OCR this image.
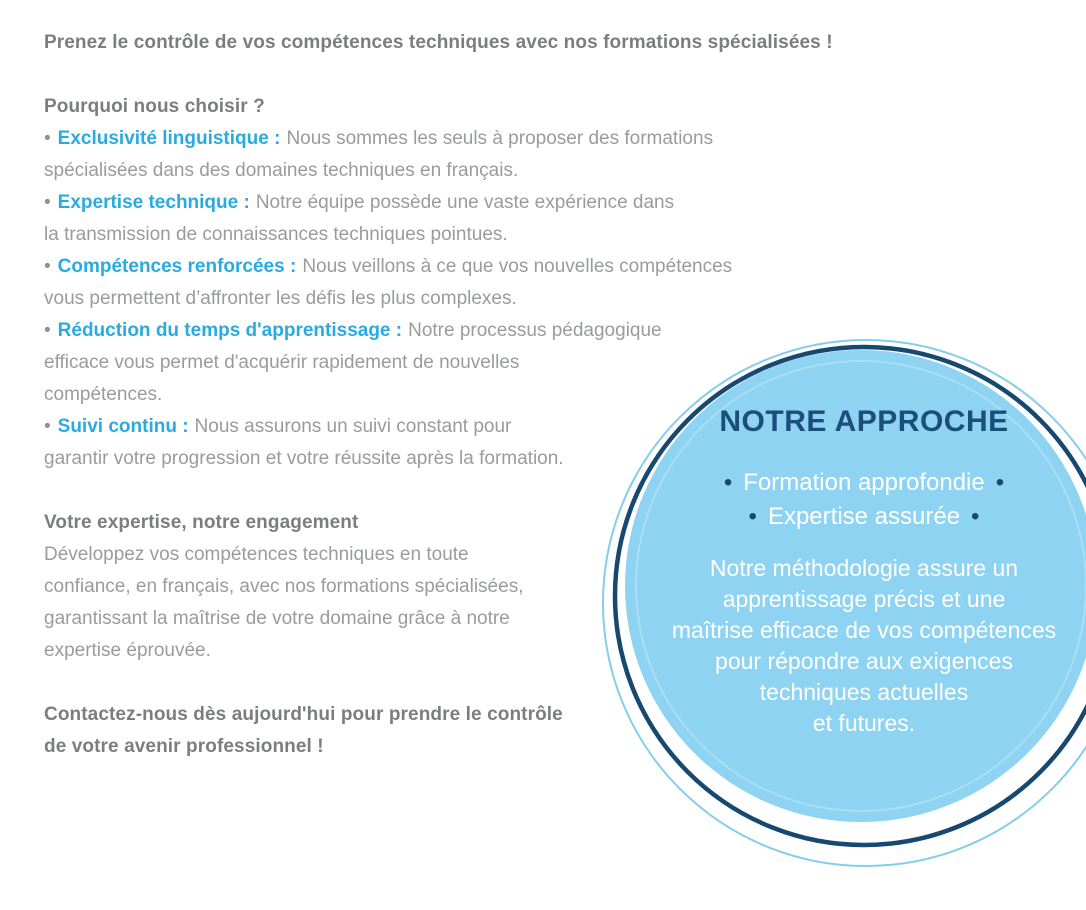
NOTRE APPROCHE
• Formation approfondie •
• Expertise assurée •
Notre méthodologie assure un
apprentissage précis et une
maîtrise efficace de vos compétences
pour répondre aux exigences
techniques actuelles
et futures.
Prenez le contrôle de vos compétences techniques avec nos formations spécialisées !
Pourquoi nous choisir ?
• Exclusivité linguistique : Nous sommes les seuls à proposer des formations
spécialisées dans des domaines techniques en français.
• Expertise technique : Notre équipe possède une vaste expérience dans
la transmission de connaissances techniques pointues.
• Compétences renforcées : Nous veillons à ce que vos nouvelles compétences
vous permettent d’affronter les défis les plus complexes.
• Réduction du temps d'apprentissage : Notre processus pédagogique
efficace vous permet d'acquérir rapidement de nouvelles
compétences.
• Suivi continu : Nous assurons un suivi constant pour
garantir votre progression et votre réussite après la formation.
Votre expertise, notre engagement
Développez vos compétences techniques en toute
confiance, en français, avec nos formations spécialisées,
garantissant la maîtrise de votre domaine grâce à notre
expertise éprouvée.
Contactez-nous dès aujourd'hui pour prendre le contrôle
de votre avenir professionnel !
